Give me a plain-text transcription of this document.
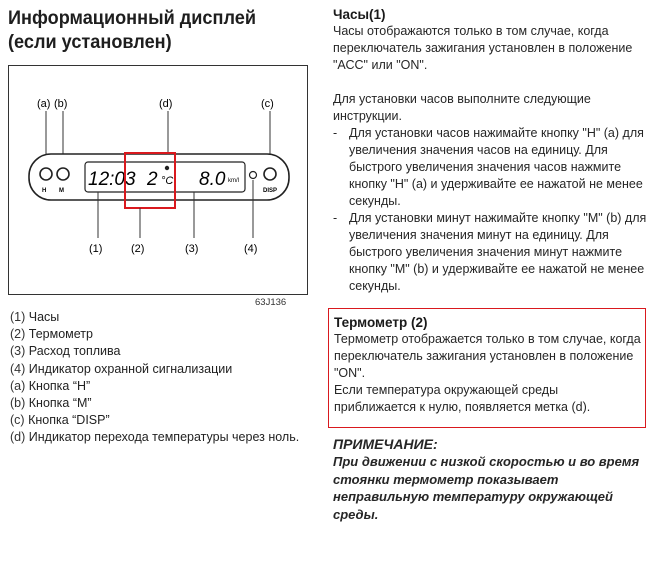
Информационный дисплей (если установлен)
(a) (b)	(d)	(c)
H M	DISP
12:03 2 °C 8.0 km/l
(1)	(2)	(3)	(4)
63J136
(1) Часы
(2) Термометр
(3) Расход топлива
(4) Индикатор охранной сигнализации
(a) Кнопка “H”
(b) Кнопка “M”
(c) Кнопка “DISP”
(d) Индикатор перехода температуры через ноль.

Часы(1)

Часы отображаются только в том случае, когда переключатель зажигания установлен в положение "АСС" или "ON".

Для установки часов выполните следующие инструкции.

- Для установки часов нажимайте кнопку "Н" (а) для увеличения значения часов на единицу. Для быстрого увеличения значения часов нажмите кнопку "Н" (а) и удерживайте ее нажатой не менее секунды.
- Для установки минут нажимайте кнопку "М" (b) для увеличения значения минут на единицу. Для быстрого увеличения значения минут нажмите кнопку "М" (b) и удерживайте ее нажатой не менее секунды.

Термометр (2)

Термометр отображается только в том случае, когда переключатель зажигания установлен в положение "ON".

Если температура окружающей среды приближается к нулю, появляется метка (d).

ПРИМЕЧАНИЕ:

При движении с низкой скоростью и во время стоянки термометр показывает неправильную температуру окружающей среды.
